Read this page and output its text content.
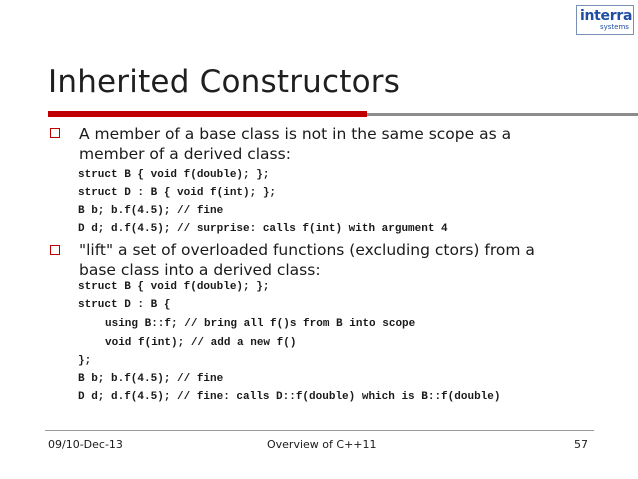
interra
systems
Inherited Constructors
A member of a base class is not in the same scope as a
member of a derived class:
struct B { void f(double); };
struct D : B { void f(int); };
B b; b.f(4.5); // fine
D d; d.f(4.5); // surprise: calls f(int) with argument 4
"lift" a set of overloaded functions (excluding ctors) from a
base class into a derived class:
struct B { void f(double); };
struct D : B {
using B::f; // bring all f()s from B into scope
void f(int); // add a new f()
};
B b; b.f(4.5); // fine
D d; d.f(4.5); // fine: calls D::f(double) which is B::f(double)
09/10-Dec-13	Overview of C++11	57
